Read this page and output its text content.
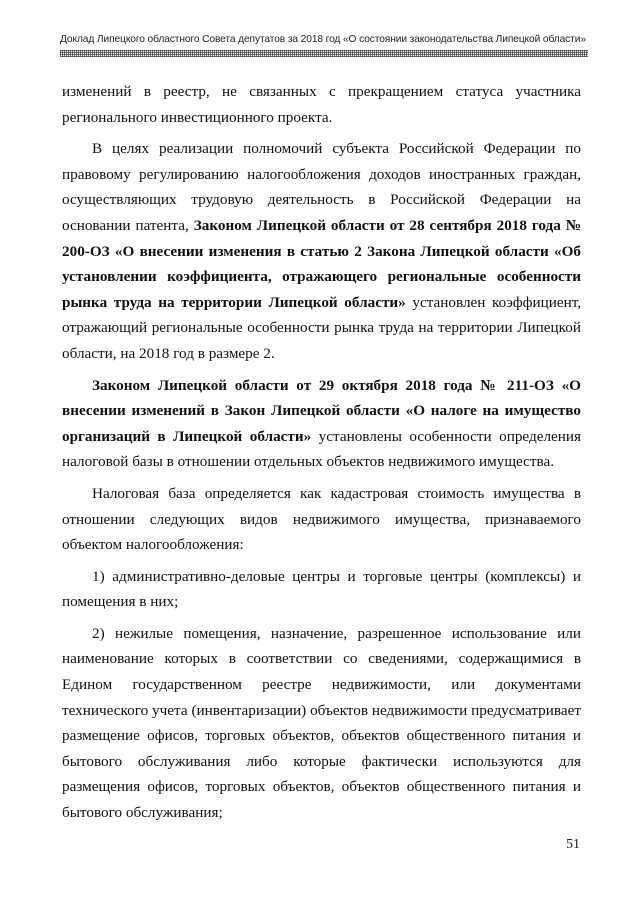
Доклад Липецкого областного Совета депутатов за 2018 год «О состоянии законодательства Липецкой области»

изменений в реестр, не связанных с прекращением статуса участника регионального инвестиционного проекта.

В целях реализации полномочий субъекта Российской Федерации по правовому регулированию налогообложения доходов иностранных граждан, осуществляющих трудовую деятельность в Российской Федерации на основании патента, Законом Липецкой области от 28 сентября 2018 года № 200-ОЗ «О внесении изменения в статью 2 Закона Липецкой области «Об установлении коэффициента, отражающего региональные особенности рынка труда на территории Липецкой области» установлен коэффициент, отражающий региональные особенности рынка труда на территории Липецкой области, на 2018 год в размере 2.

Законом Липецкой области от 29 октября 2018 года № 211-ОЗ «О внесении изменений в Закон Липецкой области «О налоге на имущество организаций в Липецкой области» установлены особенности определения налоговой базы в отношении отдельных объектов недвижимого имущества.

Налоговая база определяется как кадастровая стоимость имущества в отношении следующих видов недвижимого имущества, признаваемого объектом налогообложения:

1) административно-деловые центры и торговые центры (комплексы) и помещения в них;

2) нежилые помещения, назначение, разрешенное использование или наименование которых в соответствии со сведениями, содержащимися в Едином государственном реестре недвижимости, или документами технического учета (инвентаризации) объектов недвижимости предусматривает размещение офисов, торговых объектов, объектов общественного питания и бытового обслуживания либо которые фактически используются для размещения офисов, торговых объектов, объектов общественного питания и бытового обслуживания;

51
